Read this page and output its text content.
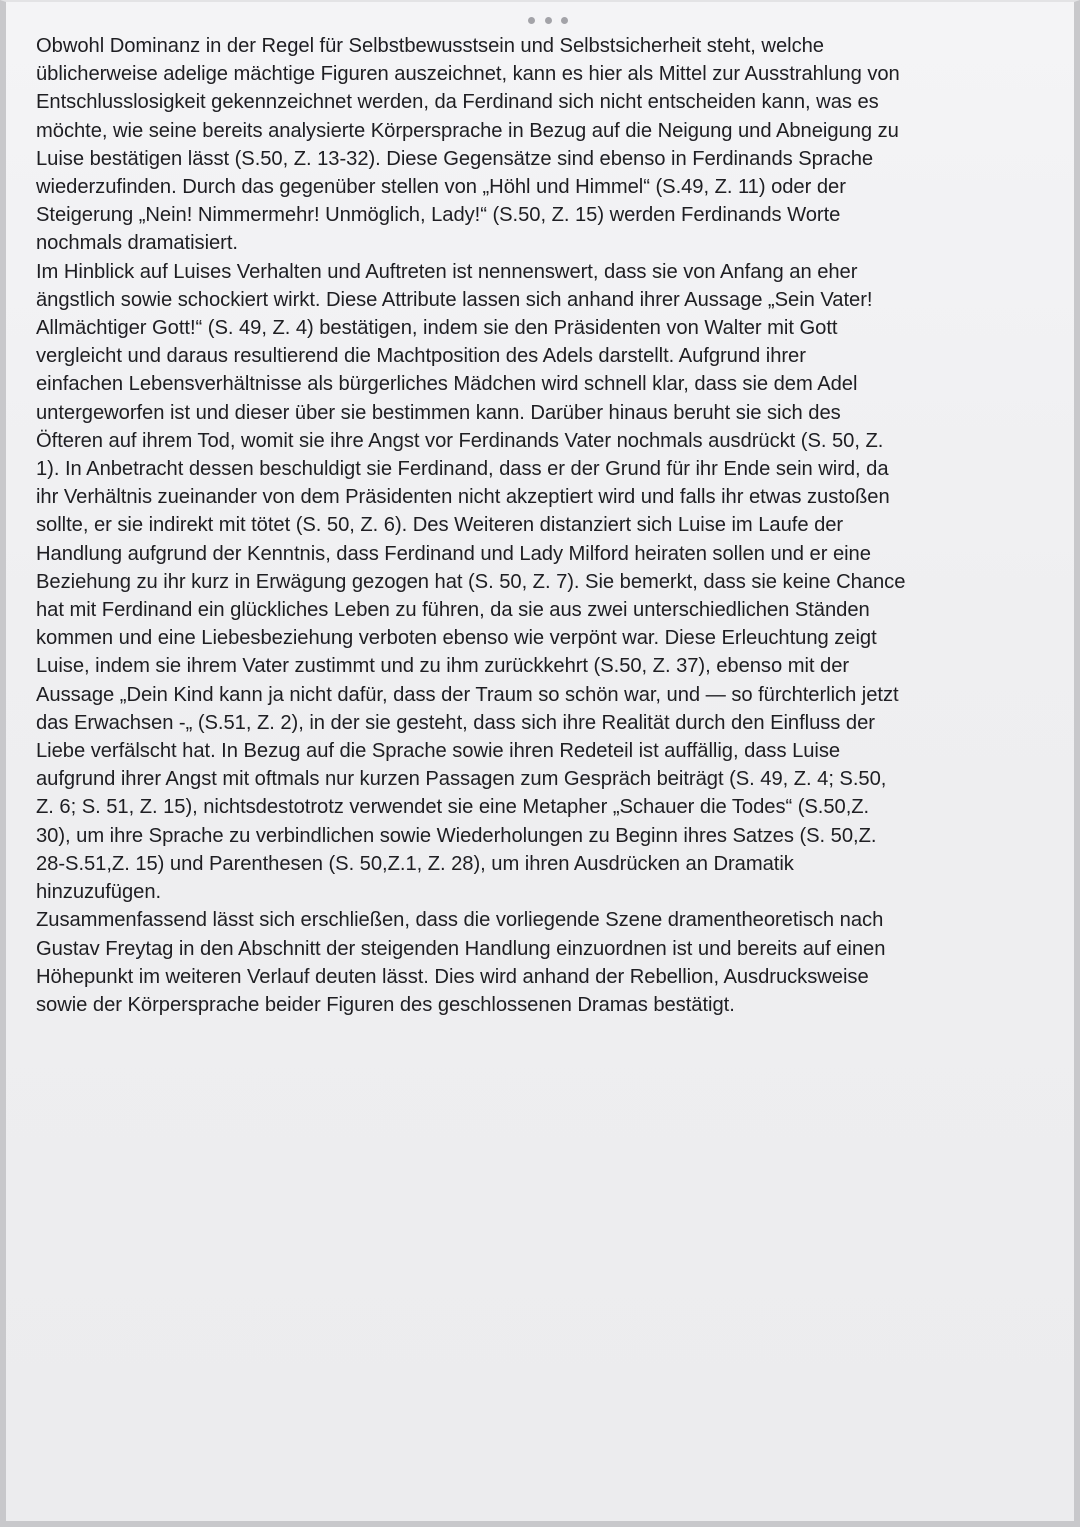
Obwohl Dominanz in der Regel für Selbstbewusstsein und Selbstsicherheit steht, welche
üblicherweise adelige mächtige Figuren auszeichnet, kann es hier als Mittel zur Ausstrahlung von
Entschlusslosigkeit gekennzeichnet werden, da Ferdinand sich nicht entscheiden kann, was es
möchte, wie seine bereits analysierte Körpersprache in Bezug auf die Neigung und Abneigung zu
Luise bestätigen lässt (S.50, Z. 13-32). Diese Gegensätze sind ebenso in Ferdinands Sprache
wiederzufinden. Durch das gegenüber stellen von „Höhl und Himmel“ (S.49, Z. 11) oder der
Steigerung „Nein! Nimmermehr! Unmöglich, Lady!“ (S.50, Z. 15) werden Ferdinands Worte
nochmals dramatisiert.
Im Hinblick auf Luises Verhalten und Auftreten ist nennenswert, dass sie von Anfang an eher
ängstlich sowie schockiert wirkt. Diese Attribute lassen sich anhand ihrer Aussage „Sein Vater!
Allmächtiger Gott!“ (S. 49, Z. 4) bestätigen, indem sie den Präsidenten von Walter mit Gott
vergleicht und daraus resultierend die Machtposition des Adels darstellt. Aufgrund ihrer
einfachen Lebensverhältnisse als bürgerliches Mädchen wird schnell klar, dass sie dem Adel
untergeworfen ist und dieser über sie bestimmen kann. Darüber hinaus beruht sie sich des
Öfteren auf ihrem Tod, womit sie ihre Angst vor Ferdinands Vater nochmals ausdrückt (S. 50, Z.
1). In Anbetracht dessen beschuldigt sie Ferdinand, dass er der Grund für ihr Ende sein wird, da
ihr Verhältnis zueinander von dem Präsidenten nicht akzeptiert wird und falls ihr etwas zustoßen
sollte, er sie indirekt mit tötet (S. 50, Z. 6). Des Weiteren distanziert sich Luise im Laufe der
Handlung aufgrund der Kenntnis, dass Ferdinand und Lady Milford heiraten sollen und er eine
Beziehung zu ihr kurz in Erwägung gezogen hat (S. 50, Z. 7). Sie bemerkt, dass sie keine Chance
hat mit Ferdinand ein glückliches Leben zu führen, da sie aus zwei unterschiedlichen Ständen
kommen und eine Liebesbeziehung verboten ebenso wie verpönt war. Diese Erleuchtung zeigt
Luise, indem sie ihrem Vater zustimmt und zu ihm zurückkehrt (S.50, Z. 37), ebenso mit der
Aussage „Dein Kind kann ja nicht dafür, dass der Traum so schön war, und — so fürchterlich jetzt
das Erwachsen -„ (S.51, Z. 2), in der sie gesteht, dass sich ihre Realität durch den Einfluss der
Liebe verfälscht hat. In Bezug auf die Sprache sowie ihren Redeteil ist auffällig, dass Luise
aufgrund ihrer Angst mit oftmals nur kurzen Passagen zum Gespräch beiträgt (S. 49, Z. 4; S.50,
Z. 6; S. 51, Z. 15), nichtsdestotrotz verwendet sie eine Metapher „Schauer die Todes“ (S.50,Z.
30), um ihre Sprache zu verbindlichen sowie Wiederholungen zu Beginn ihres Satzes (S. 50,Z.
28-S.51,Z. 15) und Parenthesen (S. 50,Z.1, Z. 28), um ihren Ausdrücken an Dramatik
hinzuzufügen.
Zusammenfassend lässt sich erschließen, dass die vorliegende Szene dramentheoretisch nach
Gustav Freytag in den Abschnitt der steigenden Handlung einzuordnen ist und bereits auf einen
Höhepunkt im weiteren Verlauf deuten lässt. Dies wird anhand der Rebellion, Ausdrucksweise
sowie der Körpersprache beider Figuren des geschlossenen Dramas bestätigt.
